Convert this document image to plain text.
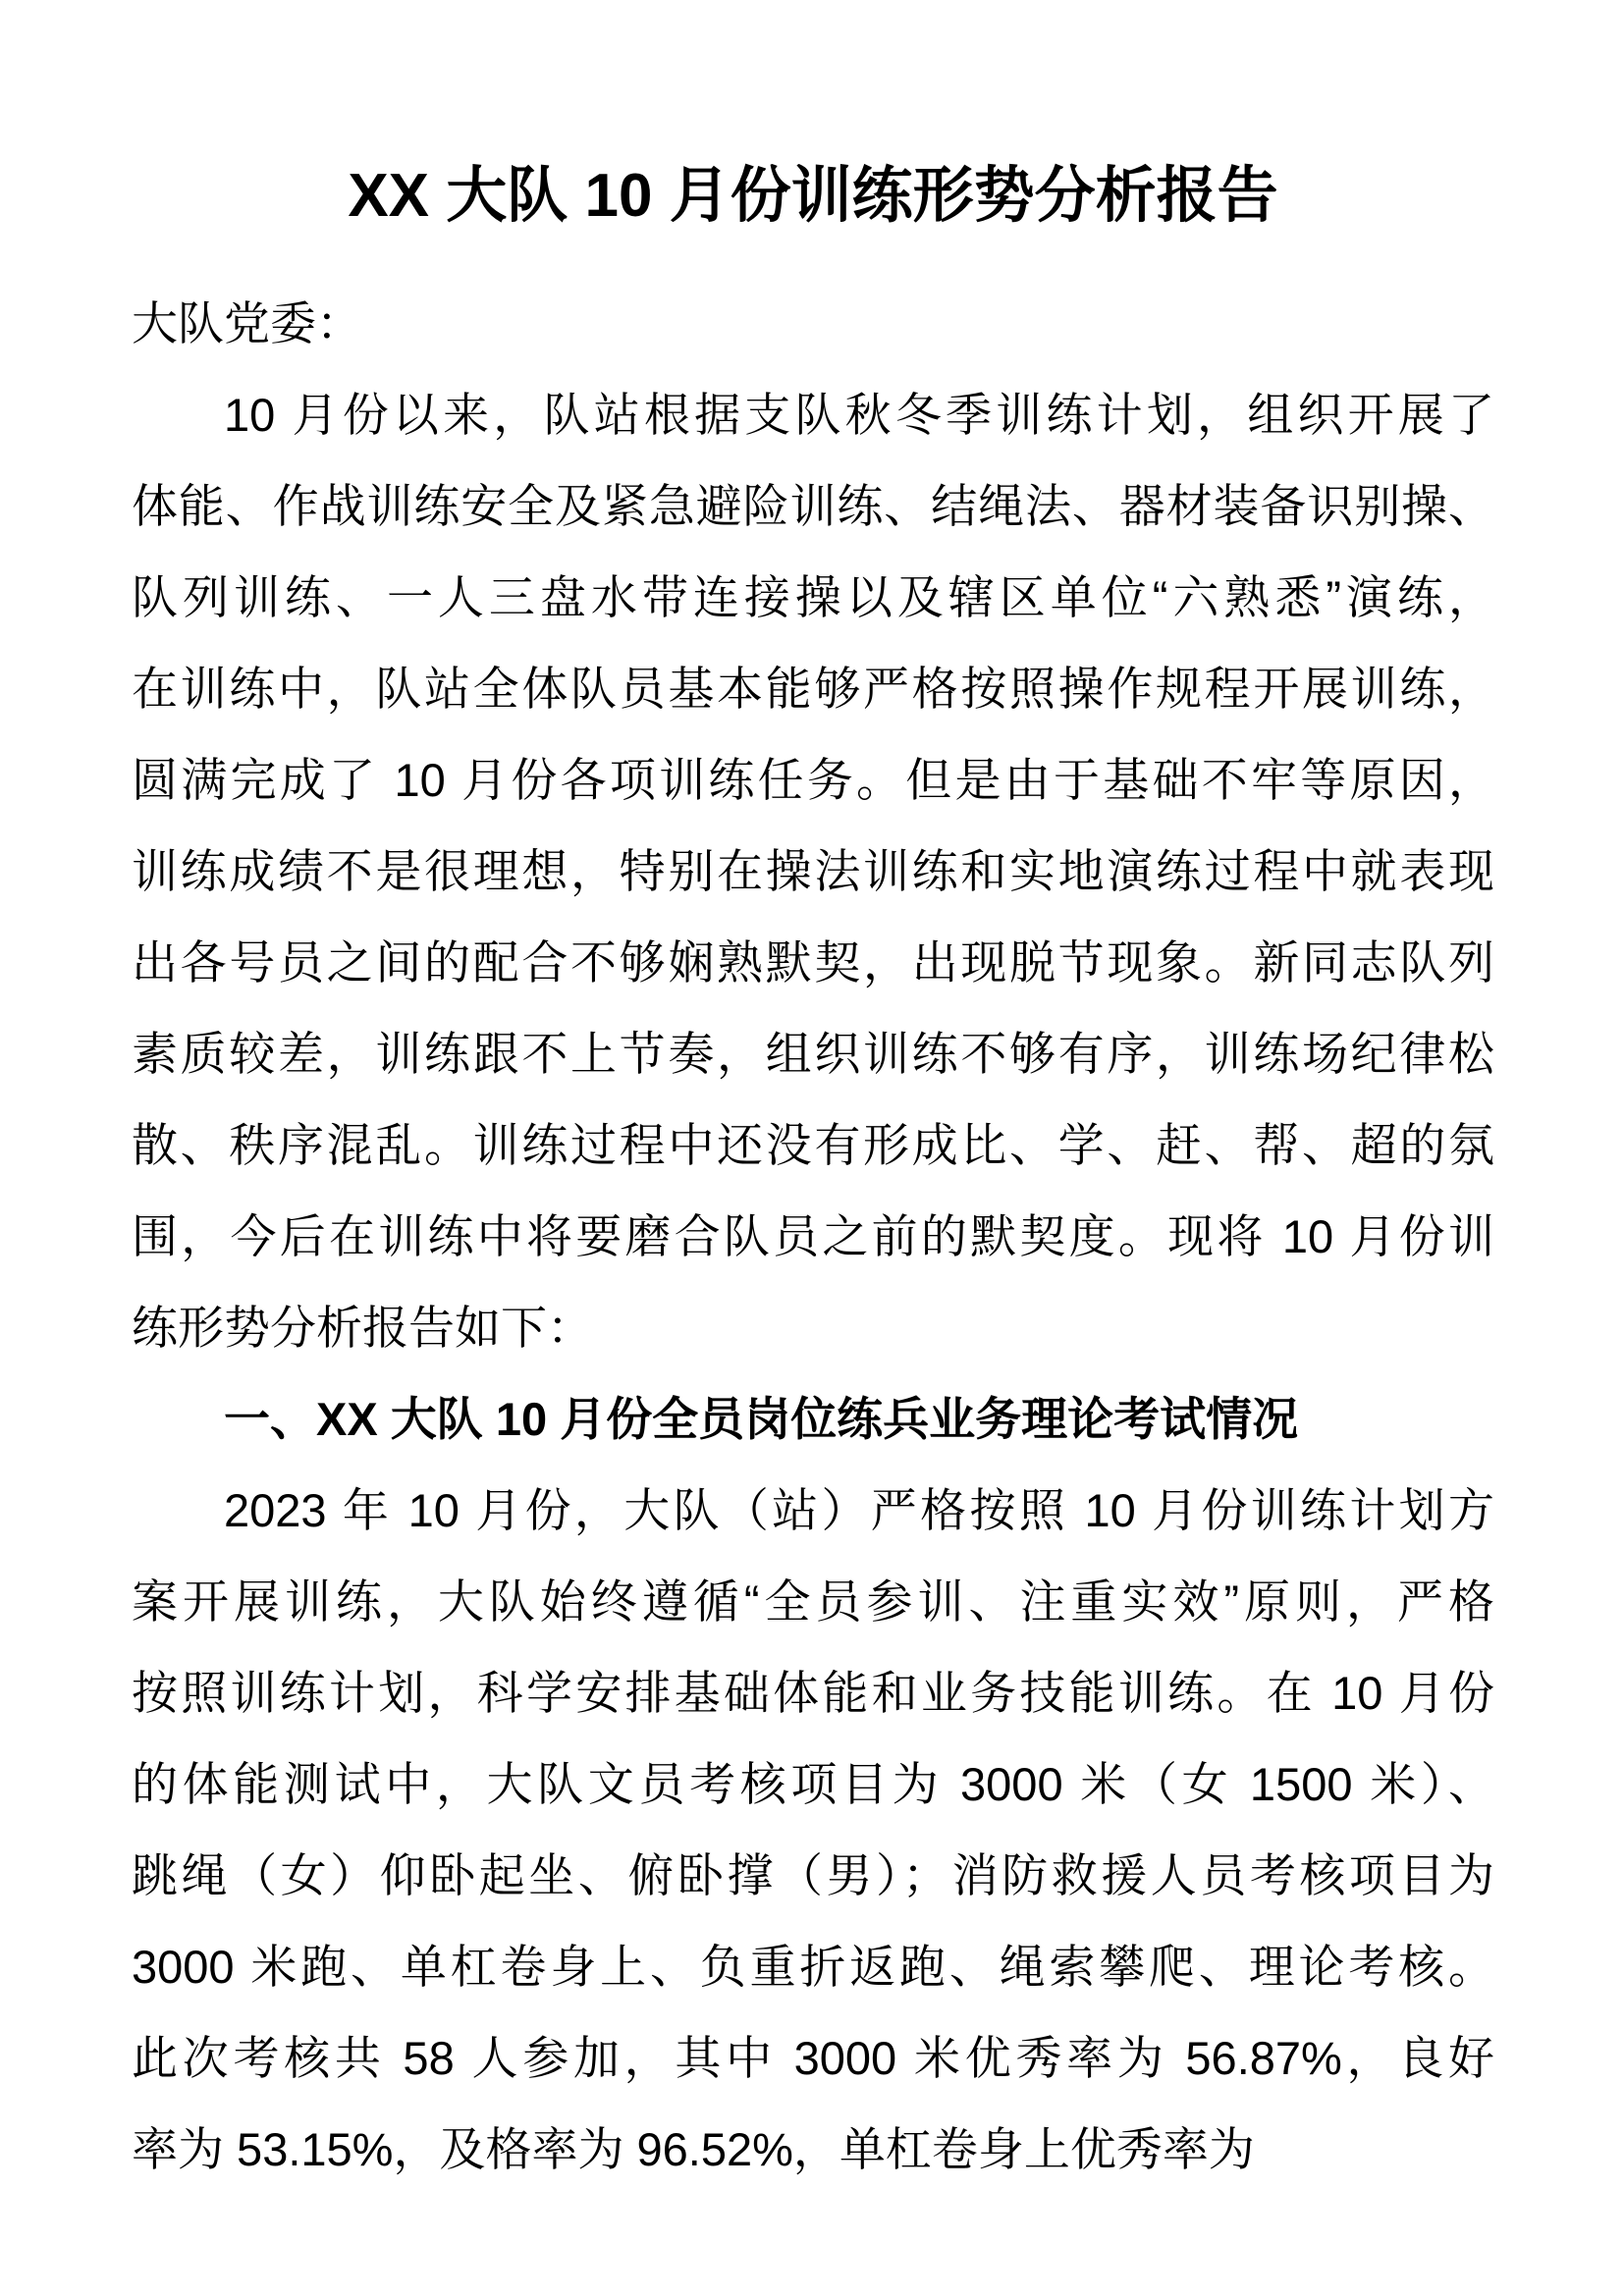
XX 大队 10 月份训练形势分析报告
大队党委：
10 月份以来，队站根据支队秋冬季训练计划，组织开展了
体能、作战训练安全及紧急避险训练、结绳法、器材装备识别操、
队列训练、一人三盘水带连接操以及辖区单位“六熟悉”演练，
在训练中，队站全体队员基本能够严格按照操作规程开展训练，
圆满完成了 10 月份各项训练任务。但是由于基础不牢等原因，
训练成绩不是很理想，特别在操法训练和实地演练过程中就表现
出各号员之间的配合不够娴熟默契，出现脱节现象。新同志队列
素质较差，训练跟不上节奏，组织训练不够有序，训练场纪律松
散、秩序混乱。训练过程中还没有形成比、学、赶、帮、超的氛
围，今后在训练中将要磨合队员之前的默契度。现将 10 月份训
练形势分析报告如下：
一、XX 大队 10 月份全员岗位练兵业务理论考试情况
2023 年 10 月份，大队（站）严格按照 10 月份训练计划方
案开展训练，大队始终遵循“全员参训、注重实效”原则，严格
按照训练计划，科学安排基础体能和业务技能训练。在 10 月份
的体能测试中，大队文员考核项目为 3000 米（女 1500 米）、
跳绳（女）仰卧起坐、俯卧撑（男）；消防救援人员考核项目为
3000 米跑、单杠卷身上、负重折返跑、绳索攀爬、理论考核。
此次考核共 58 人参加，其中 3000 米优秀率为 56.87%，良好
率为 53.15%，及格率为 96.52%，单杠卷身上优秀率为
